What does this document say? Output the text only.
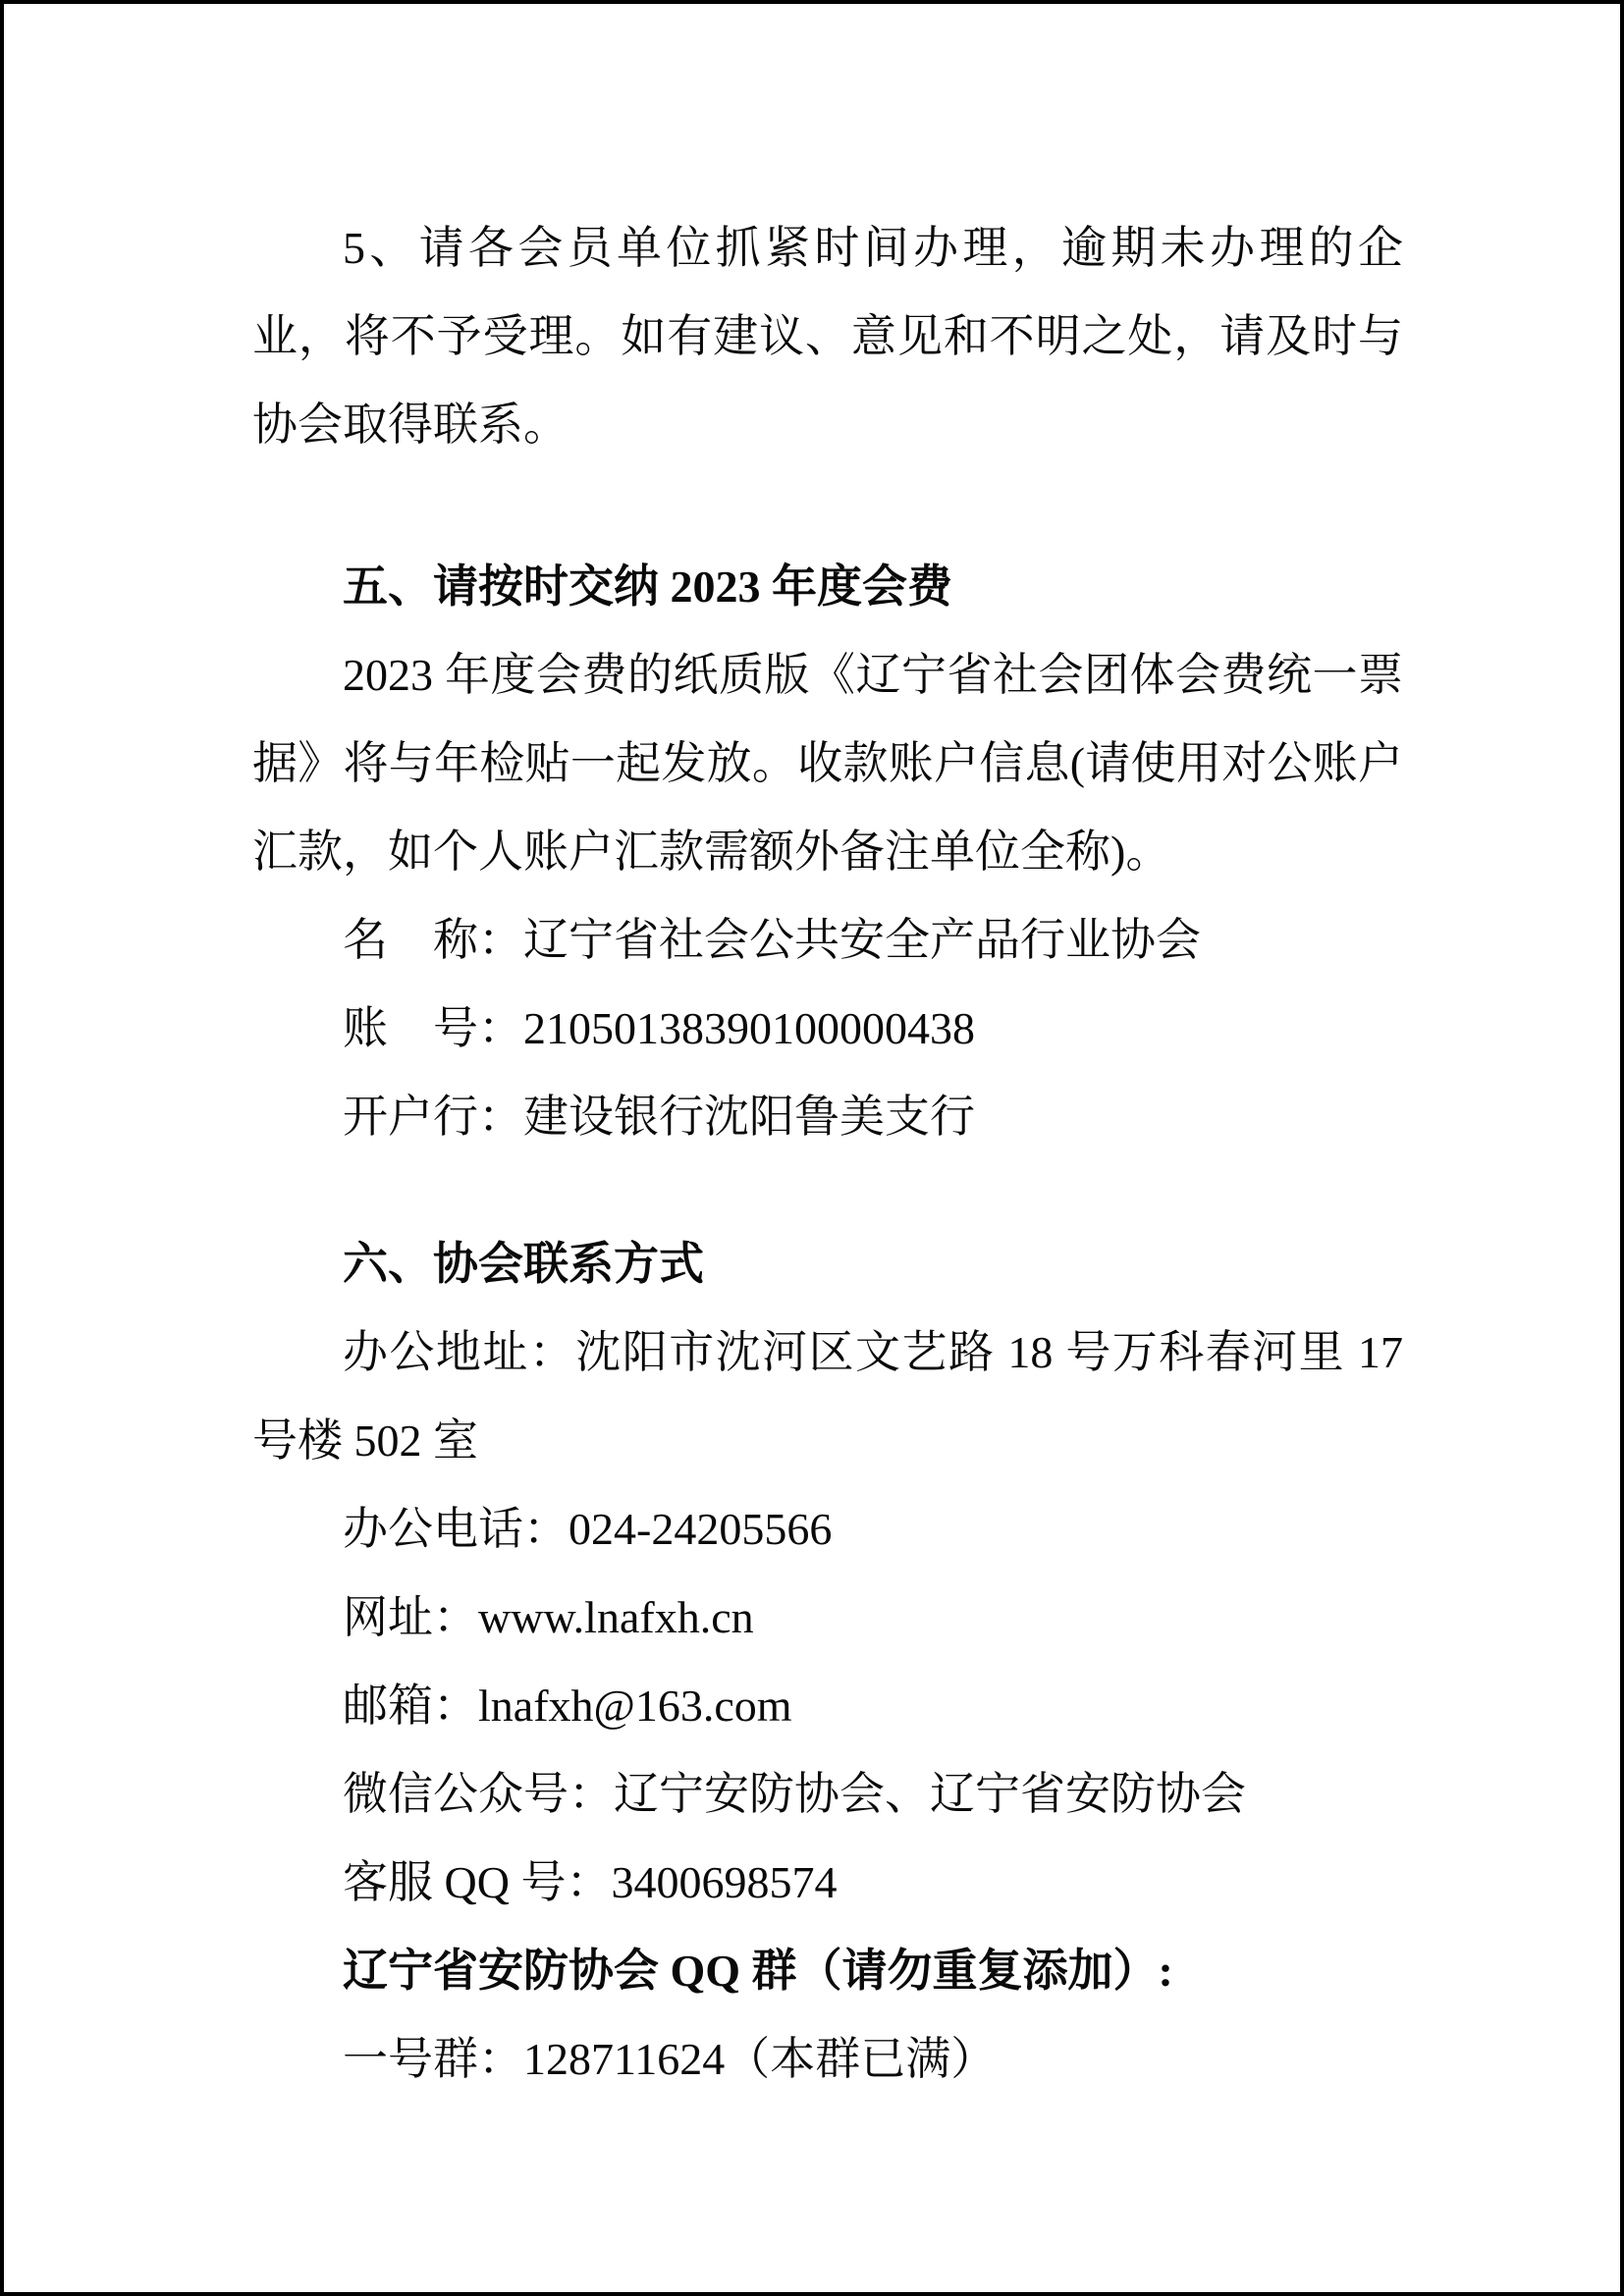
5、请各会员单位抓紧时间办理，逾期未办理的企业，将不予受理。如有建议、意见和不明之处，请及时与协会取得联系。

五、请按时交纳 2023 年度会费

2023 年度会费的纸质版《辽宁省社会团体会费统一票据》将与年检贴一起发放。收款账户信息(请使用对公账户汇款，如个人账户汇款需额外备注单位全称)。

名　称：辽宁省社会公共安全产品行业协会

账　号：21050138390100000438

开户行：建设银行沈阳鲁美支行

六、协会联系方式

办公地址：沈阳市沈河区文艺路 18 号万科春河里 17 号楼 502 室

办公电话：024-24205566

网址：www.lnafxh.cn

邮箱：lnafxh@163.com

微信公众号：辽宁安防协会、辽宁省安防协会

客服 QQ 号：3400698574

辽宁省安防协会 QQ 群（请勿重复添加）:

一号群：128711624（本群已满）
